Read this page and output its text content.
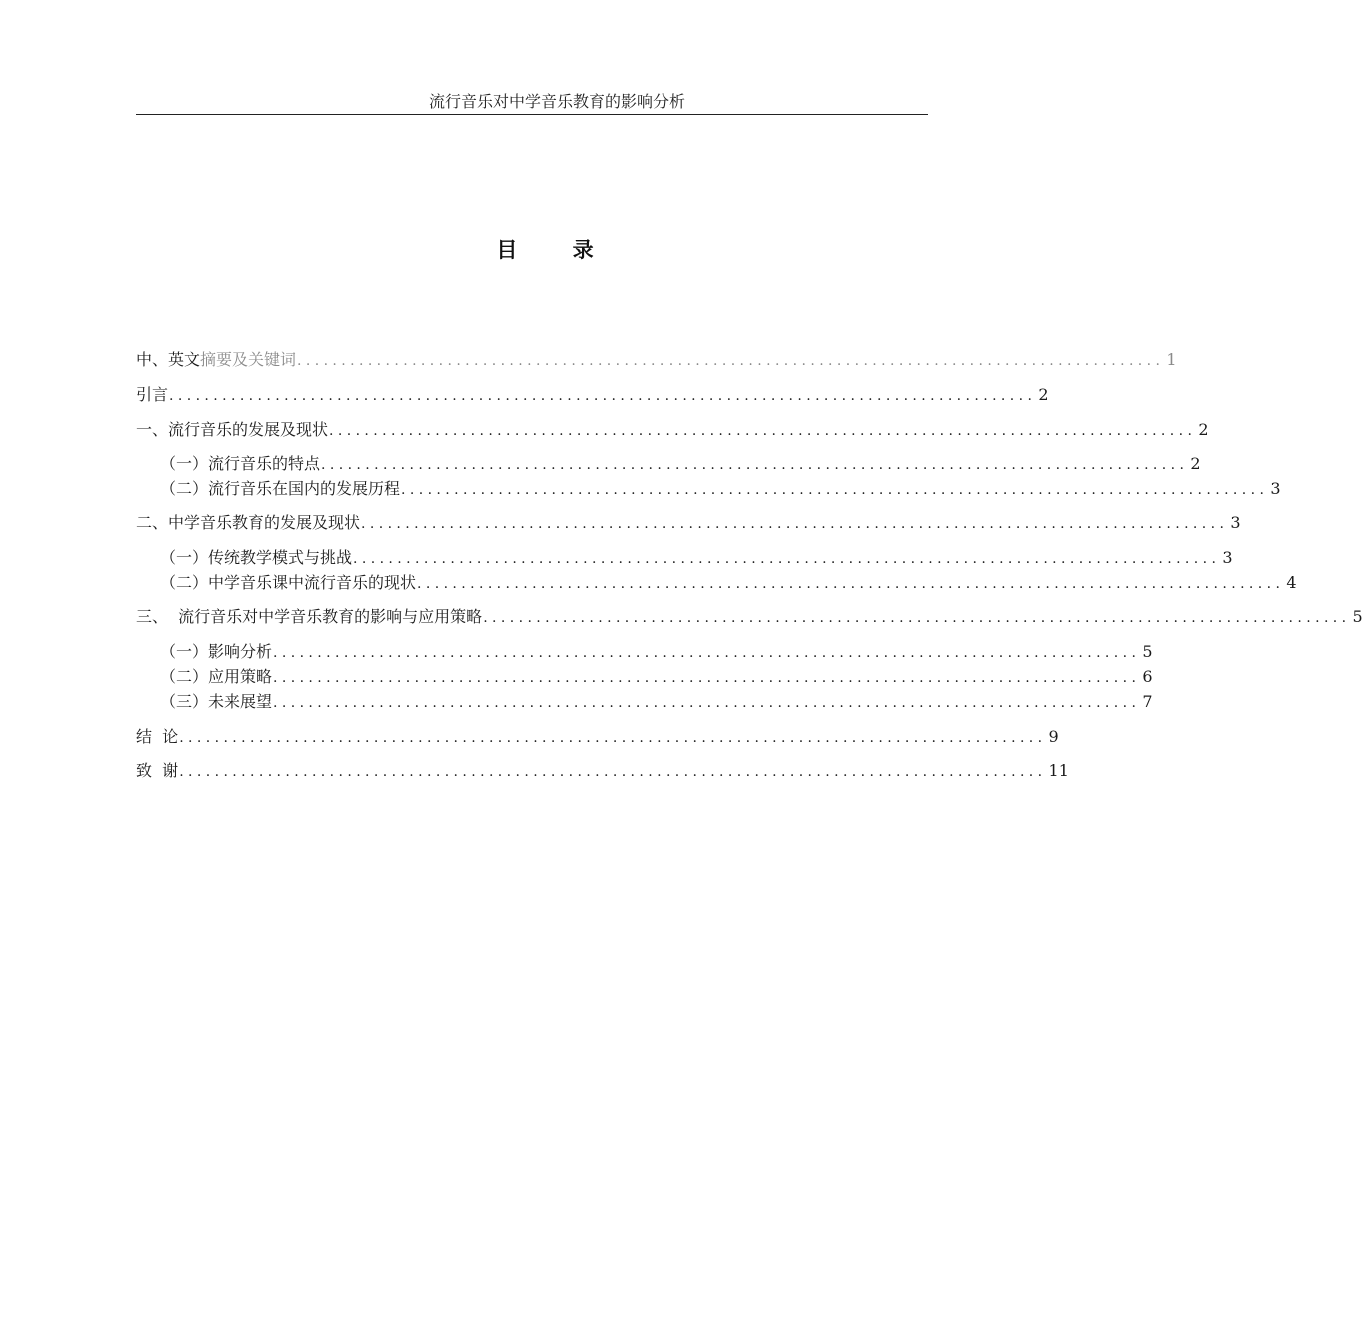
流行音乐对中学音乐教育的影响分析
目 录
中、英文摘要及关键词 .................................................................................................. 1
引言 .................................................................................................. 2
一、流行音乐的发展及现状 .................................................................................................. 2
（一）流行音乐的特点 .................................................................................................. 2
（二）流行音乐在国内的发展历程 .................................................................................................. 3
二、中学音乐教育的发展及现状 .................................................................................................. 3
（一）传统教学模式与挑战 .................................................................................................. 3
（二）中学音乐课中流行音乐的现状 .................................................................................................. 4
三、  流行音乐对中学音乐教育的影响与应用策略 .................................................................................................. 5
（一）影响分析 .................................................................................................. 5
（二）应用策略 .................................................................................................. 6
（三）未来展望 .................................................................................................. 7
结  论 .................................................................................................. 9
致  谢 .................................................................................................. 11
